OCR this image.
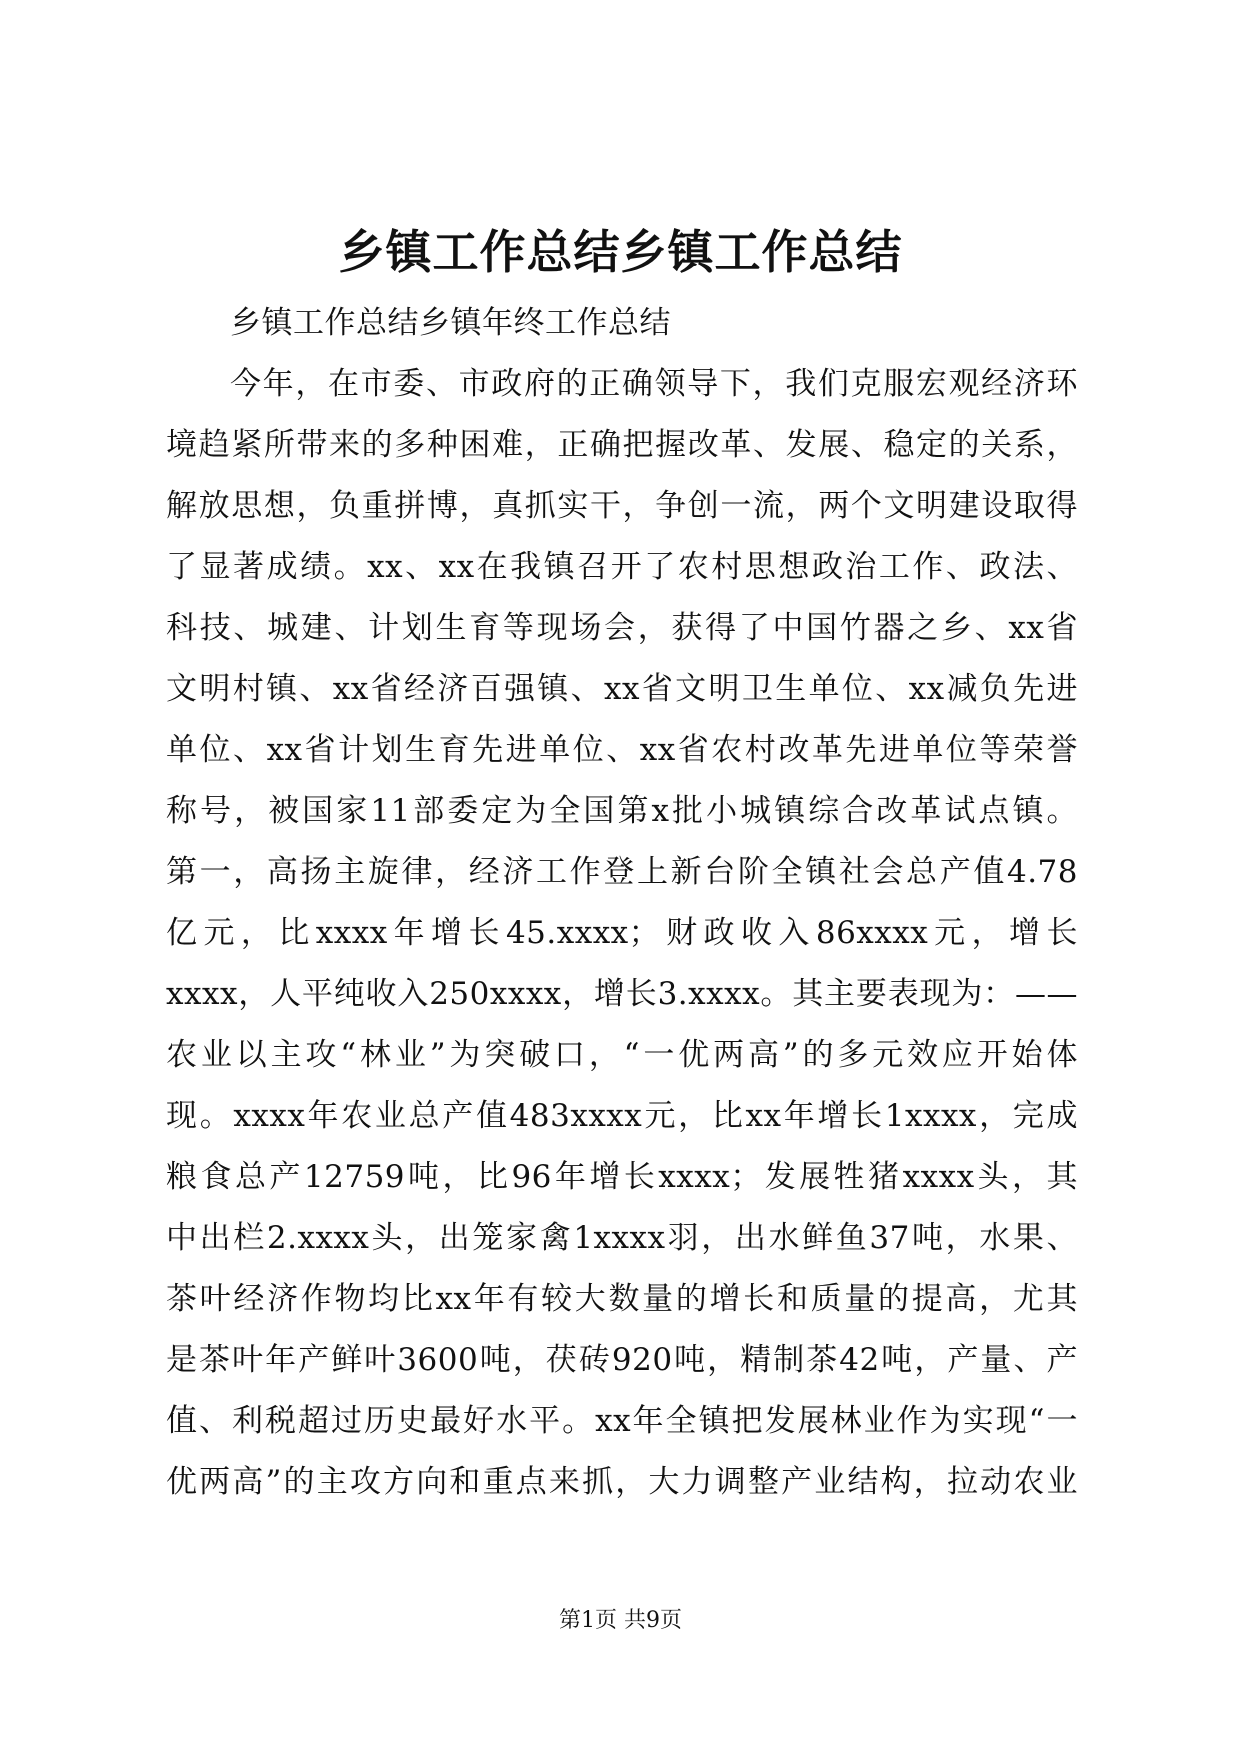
乡镇工作总结乡镇工作总结
乡镇工作总结乡镇年终工作总结
今年，在市委、市政府的正确领导下，我们克服宏观经济环
境趋紧所带来的多种困难，正确把握改革、发展、稳定的关系，
解放思想，负重拼博，真抓实干，争创一流，两个文明建设取得
了显著成绩。xx、xx在我镇召开了农村思想政治工作、政法、
科技、城建、计划生育等现场会，获得了中国竹器之乡、xx省
文明村镇、xx省经济百强镇、xx省文明卫生单位、xx减负先进
单位、xx省计划生育先进单位、xx省农村改革先进单位等荣誉
称号，被国家11部委定为全国第x批小城镇综合改革试点镇。
第一，高扬主旋律，经济工作登上新台阶全镇社会总产值4.78
亿元，比xxxx年增长45.xxxx；财政收入86xxxx元，增长
xxxx，人平纯收入250xxxx，增长3.xxxx。其主要表现为：——
农业以主攻“林业”为突破口，“一优两高”的多元效应开始体
现。xxxx年农业总产值483xxxx元，比xx年增长1xxxx，完成
粮食总产12759吨，比96年增长xxxx；发展牲猪xxxx头，其
中出栏2.xxxx头，出笼家禽1xxxx羽，出水鲜鱼37吨，水果、
茶叶经济作物均比xx年有较大数量的增长和质量的提高，尤其
是茶叶年产鲜叶3600吨，茯砖920吨，精制茶42吨，产量、产
值、利税超过历史最好水平。xx年全镇把发展林业作为实现“一
优两高”的主攻方向和重点来抓，大力调整产业结构，拉动农业
第1页 共9页
